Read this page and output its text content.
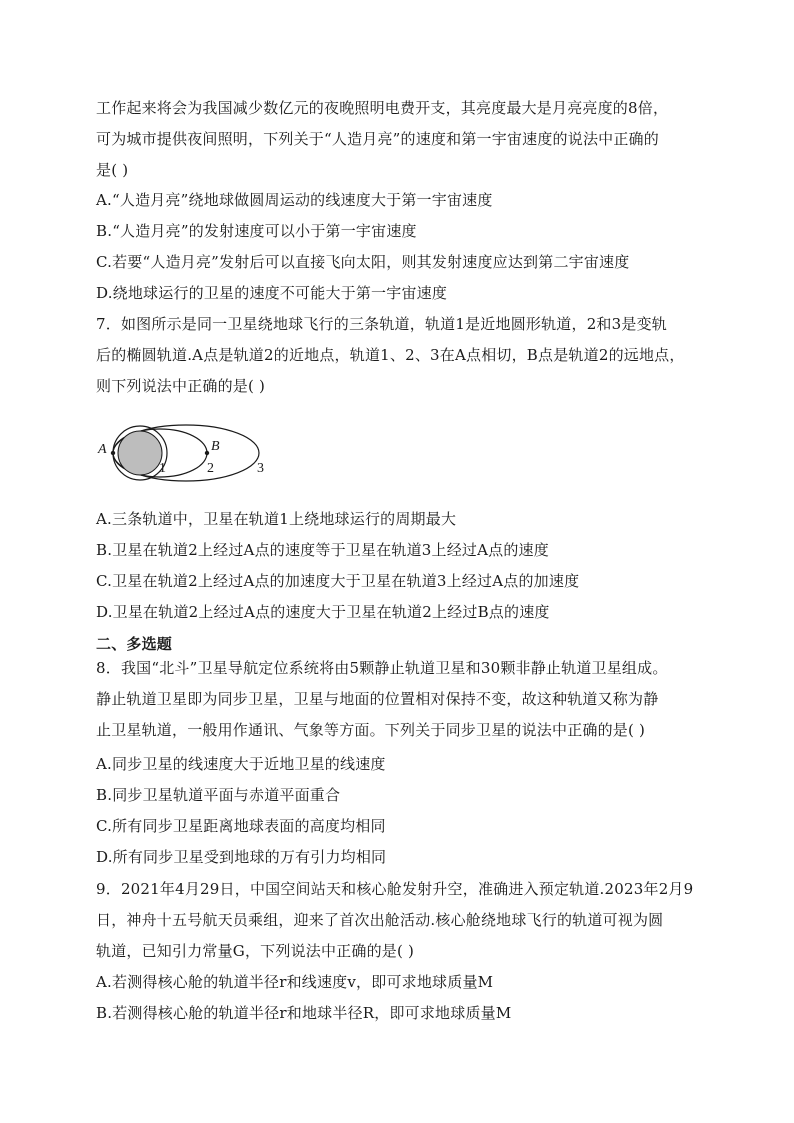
工作起来将会为我国减少数亿元的夜晚照明电费开支，其亮度最大是月亮亮度的8倍，
可为城市提供夜间照明，下列关于“人造月亮”的速度和第一宇宙速度的说法中正确的
是( )
A.“人造月亮”绕地球做圆周运动的线速度大于第一宇宙速度
B.“人造月亮”的发射速度可以小于第一宇宙速度
C.若要“人造月亮”发射后可以直接飞向太阳，则其发射速度应达到第二宇宙速度
D.绕地球运行的卫星的速度不可能大于第一宇宙速度
7．如图所示是同一卫星绕地球飞行的三条轨道，轨道1是近地圆形轨道，2和3是变轨
后的椭圆轨道.A点是轨道2的近地点，轨道1、2、3在A点相切，B点是轨道2的远地点，
则下列说法中正确的是( )
A	B
1	2	3
A.三条轨道中，卫星在轨道1上绕地球运行的周期最大
B.卫星在轨道2上经过A点的速度等于卫星在轨道3上经过A点的速度
C.卫星在轨道2上经过A点的加速度大于卫星在轨道3上经过A点的加速度
D.卫星在轨道2上经过A点的速度大于卫星在轨道2上经过B点的速度
二、多选题
8．我国“北斗”卫星导航定位系统将由5颗静止轨道卫星和30颗非静止轨道卫星组成。
静止轨道卫星即为同步卫星，卫星与地面的位置相对保持不变，故这种轨道又称为静
止卫星轨道，一般用作通讯、气象等方面。下列关于同步卫星的说法中正确的是( )
A.同步卫星的线速度大于近地卫星的线速度
B.同步卫星轨道平面与赤道平面重合
C.所有同步卫星距离地球表面的高度均相同
D.所有同步卫星受到地球的万有引力均相同
9．2021年4月29日，中国空间站天和核心舱发射升空，准确进入预定轨道.2023年2月9
日，神舟十五号航天员乘组，迎来了首次出舱活动.核心舱绕地球飞行的轨道可视为圆
轨道，已知引力常量G，下列说法中正确的是( )
A.若测得核心舱的轨道半径r和线速度v，即可求地球质量M
B.若测得核心舱的轨道半径r和地球半径R，即可求地球质量M
